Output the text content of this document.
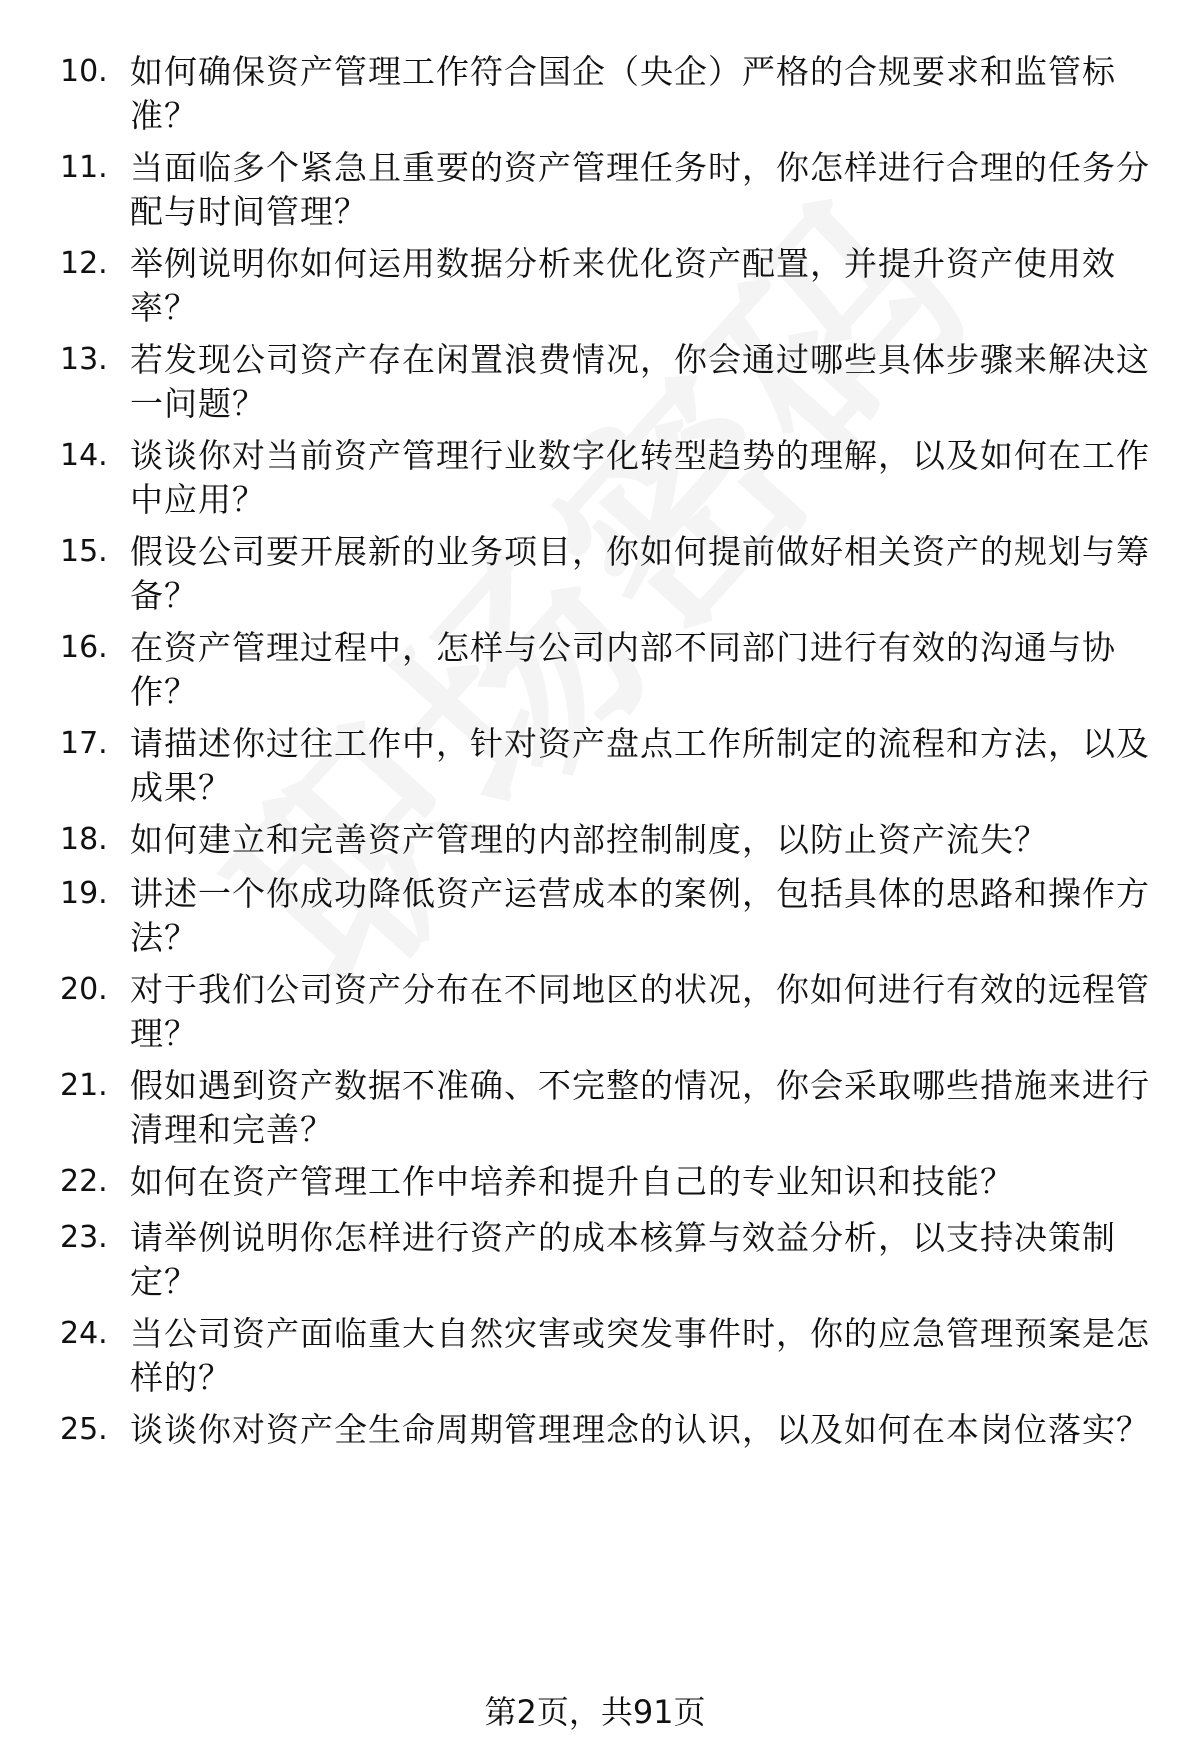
10. 如何确保资产管理工作符合国企（央企）严格的合规要求和监管标准？
11. 当面临多个紧急且重要的资产管理任务时，你怎样进行合理的任务分配与时间管理？
12. 举例说明你如何运用数据分析来优化资产配置，并提升资产使用效率？
13. 若发现公司资产存在闲置浪费情况，你会通过哪些具体步骤来解决这一问题？
14. 谈谈你对当前资产管理行业数字化转型趋势的理解，以及如何在工作中应用？
15. 假设公司要开展新的业务项目，你如何提前做好相关资产的规划与筹备？
16. 在资产管理过程中，怎样与公司内部不同部门进行有效的沟通与协作？
17. 请描述你过往工作中，针对资产盘点工作所制定的流程和方法，以及成果？
18. 如何建立和完善资产管理的内部控制制度，以防止资产流失？
19. 讲述一个你成功降低资产运营成本的案例，包括具体的思路和操作方法？
20. 对于我们公司资产分布在不同地区的状况，你如何进行有效的远程管理？
21. 假如遇到资产数据不准确、不完整的情况，你会采取哪些措施来进行清理和完善？
22. 如何在资产管理工作中培养和提升自己的专业知识和技能？
23. 请举例说明你怎样进行资产的成本核算与效益分析，以支持决策制定？
24. 当公司资产面临重大自然灾害或突发事件时，你的应急管理预案是怎样的？
25. 谈谈你对资产全生命周期管理理念的认识，以及如何在本岗位落实？
第2页，共91页
